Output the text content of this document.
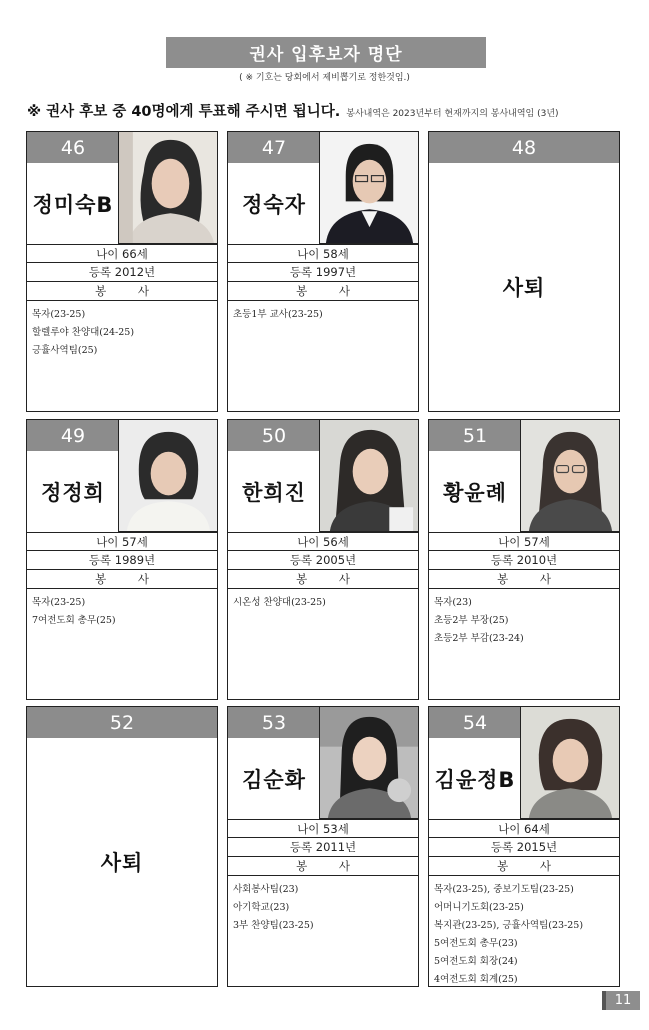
권사 입후보자 명단
( ※ 기호는 당회에서 제비뽑기로 정한것임.)
※ 권사 후보 중 40명에게 투표해 주시면 됩니다. 봉사내역은 2023년부터 현재까지의 봉사내역임 (3년)
46
정미숙B
나이 66세
등록 2012년
봉 사
목자(23-25)
할렐루야 찬양대(24-25)
긍휼사역팀(25)
47
정숙자
나이 58세
등록 1997년
봉 사
초등1부 교사(23-25)
48
사퇴
49
정정희
나이 57세
등록 1989년
봉 사
목자(23-25)
7여전도회 총무(25)
50
한희진
나이 56세
등록 2005년
봉 사
시온성 찬양대(23-25)
51
황윤례
나이 57세
등록 2010년
봉 사
목자(23)
초등2부 부장(25)
초등2부 부감(23-24)
52
사퇴
53
김순화
나이 53세
등록 2011년
봉 사
사회봉사팀(23)
아기학교(23)
3부 찬양팀(23-25)
54
김윤정B
나이 64세
등록 2015년
봉 사
목자(23-25), 중보기도팀(23-25)
어머니기도회(23-25)
복지관(23-25), 긍휼사역팀(23-25)
5여전도회 총무(23)
5여전도회 회장(24)
4여전도회 회계(25)
11
